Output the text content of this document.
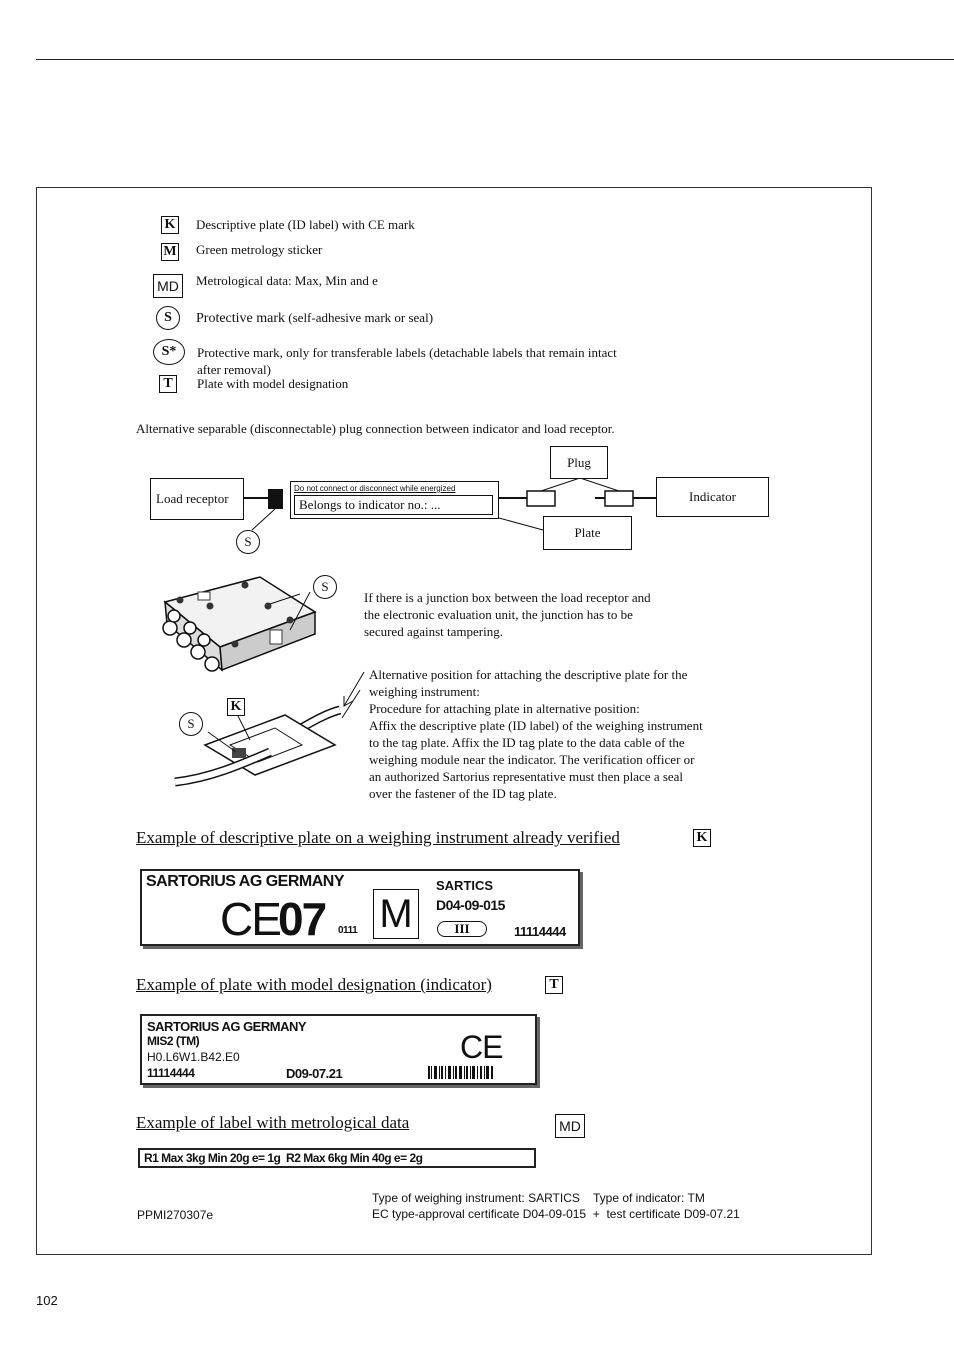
K Descriptive plate (ID label) with CE mark
M Green metrology sticker
MD	Metrological data: Max, Min and e
S	Protective mark (self-adhesive mark or seal)
S*	Protective mark, only for transferable labels (detachable labels that remain intact
after removal)
T	Plate with model designation
Alternative separable (disconnectable) plug connection between indicator and load receptor.
Load receptor
Do not connect or disconnect while energized
Belongs to indicator no.: ...
Plug
Indicator
Plate
S
S
If there is a junction box between the load receptor and
the electronic evaluation unit, the junction has to be
secured against tampering.
K
S
Alternative position for attaching the descriptive plate for the
weighing instrument:
Procedure for attaching plate in alternative position:
Affix the descriptive plate (ID label) of the weighing instrument
to the tag plate. Affix the ID tag plate to the data cable of the
weighing module near the indicator. The verification officer or
an authorized Sartorius representative must then place a seal
over the fastener of the ID tag plate.
Example of descriptive plate on a weighing instrument already verified	K
SARTORIUS AG GERMANY
CE
07 0111 M
SARTICS
D04-09-015
III	11114444
Example of plate with model designation (indicator)	T
SARTORIUS AG GERMANY
MIS2 (TM)
H0.L6W1.B42.E0
11114444	D09-07.21
CE
Example of label with metrological data	MD
R1 Max 3kg Min 20g e= 1g  R2 Max 6kg Min 40g e= 2g
PPMI270307e
Type of weighing instrument: SARTICS    Type of indicator: TM
EC type-approval certificate D04-09-015  +  test certificate D09-07.21
102
